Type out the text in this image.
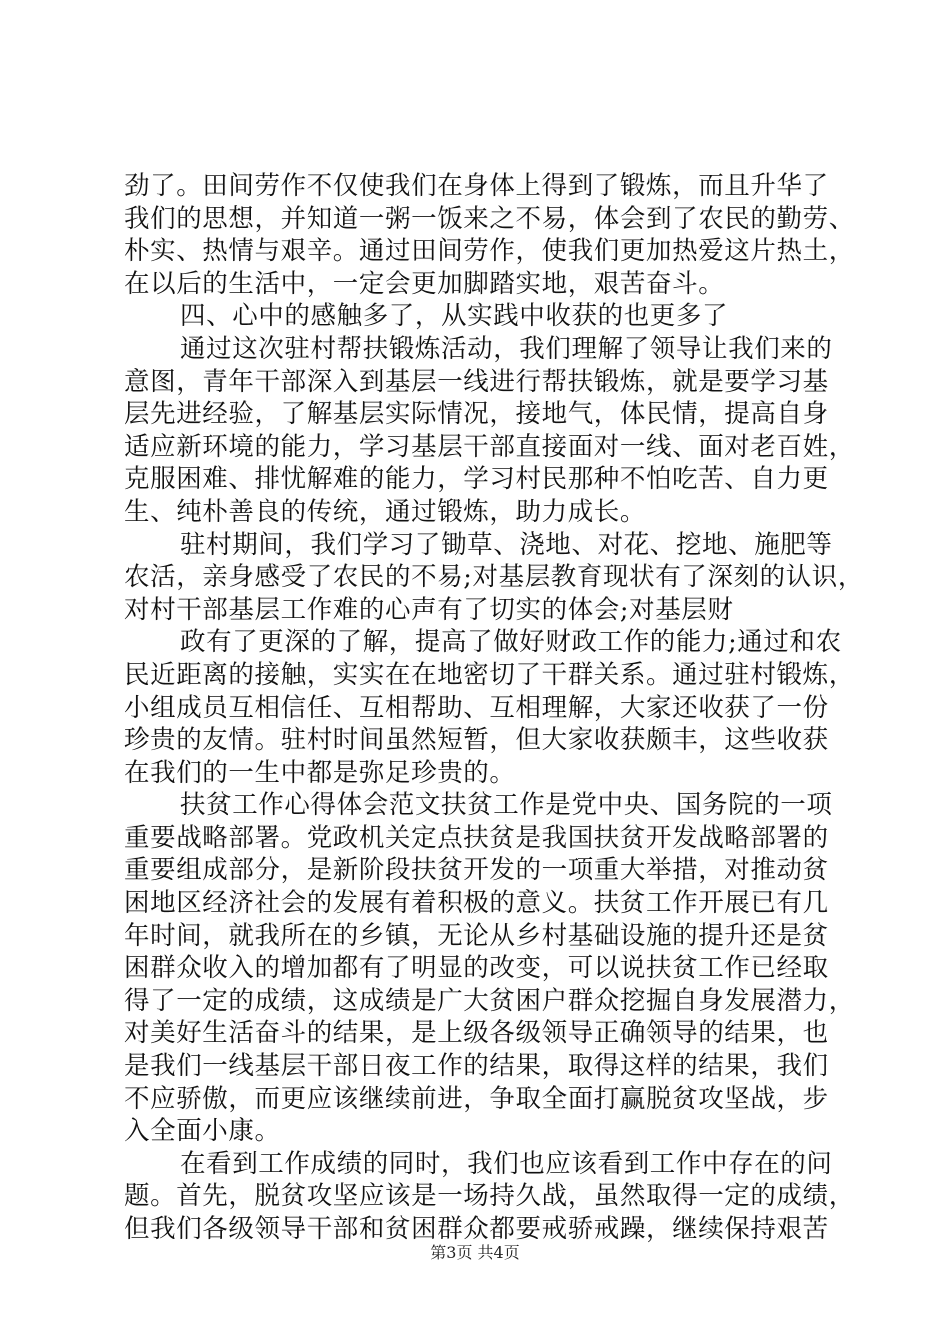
劲了。田间劳作不仅使我们在身体上得到了锻炼，而且升华了
我们的思想，并知道一粥一饭来之不易，体会到了农民的勤劳、
朴实、热情与艰辛。通过田间劳作，使我们更加热爱这片热土，
在以后的生活中，一定会更加脚踏实地，艰苦奋斗。
四、心中的感触多了，从实践中收获的也更多了
通过这次驻村帮扶锻炼活动，我们理解了领导让我们来的
意图，青年干部深入到基层一线进行帮扶锻炼，就是要学习基
层先进经验，了解基层实际情况，接地气，体民情，提高自身
适应新环境的能力，学习基层干部直接面对一线、面对老百姓，
克服困难、排忧解难的能力，学习村民那种不怕吃苦、自力更
生、纯朴善良的传统，通过锻炼，助力成长。
驻村期间，我们学习了锄草、浇地、对花、挖地、施肥等
农活，亲身感受了农民的不易;对基层教育现状有了深刻的认识，
对村干部基层工作难的心声有了切实的体会;对基层财
政有了更深的了解，提高了做好财政工作的能力;通过和农
民近距离的接触，实实在在地密切了干群关系。通过驻村锻炼，
小组成员互相信任、互相帮助、互相理解，大家还收获了一份
珍贵的友情。驻村时间虽然短暂，但大家收获颇丰，这些收获
在我们的一生中都是弥足珍贵的。
扶贫工作心得体会范文扶贫工作是党中央、国务院的一项
重要战略部署。党政机关定点扶贫是我国扶贫开发战略部署的
重要组成部分，是新阶段扶贫开发的一项重大举措，对推动贫
困地区经济社会的发展有着积极的意义。扶贫工作开展已有几
年时间，就我所在的乡镇，无论从乡村基础设施的提升还是贫
困群众收入的增加都有了明显的改变，可以说扶贫工作已经取
得了一定的成绩，这成绩是广大贫困户群众挖掘自身发展潜力，
对美好生活奋斗的结果，是上级各级领导正确领导的结果，也
是我们一线基层干部日夜工作的结果，取得这样的结果，我们
不应骄傲，而更应该继续前进，争取全面打赢脱贫攻坚战，步
入全面小康。
在看到工作成绩的同时，我们也应该看到工作中存在的问
题。首先，脱贫攻坚应该是一场持久战，虽然取得一定的成绩，
但我们各级领导干部和贫困群众都要戒骄戒躁，继续保持艰苦
第3页 共4页
